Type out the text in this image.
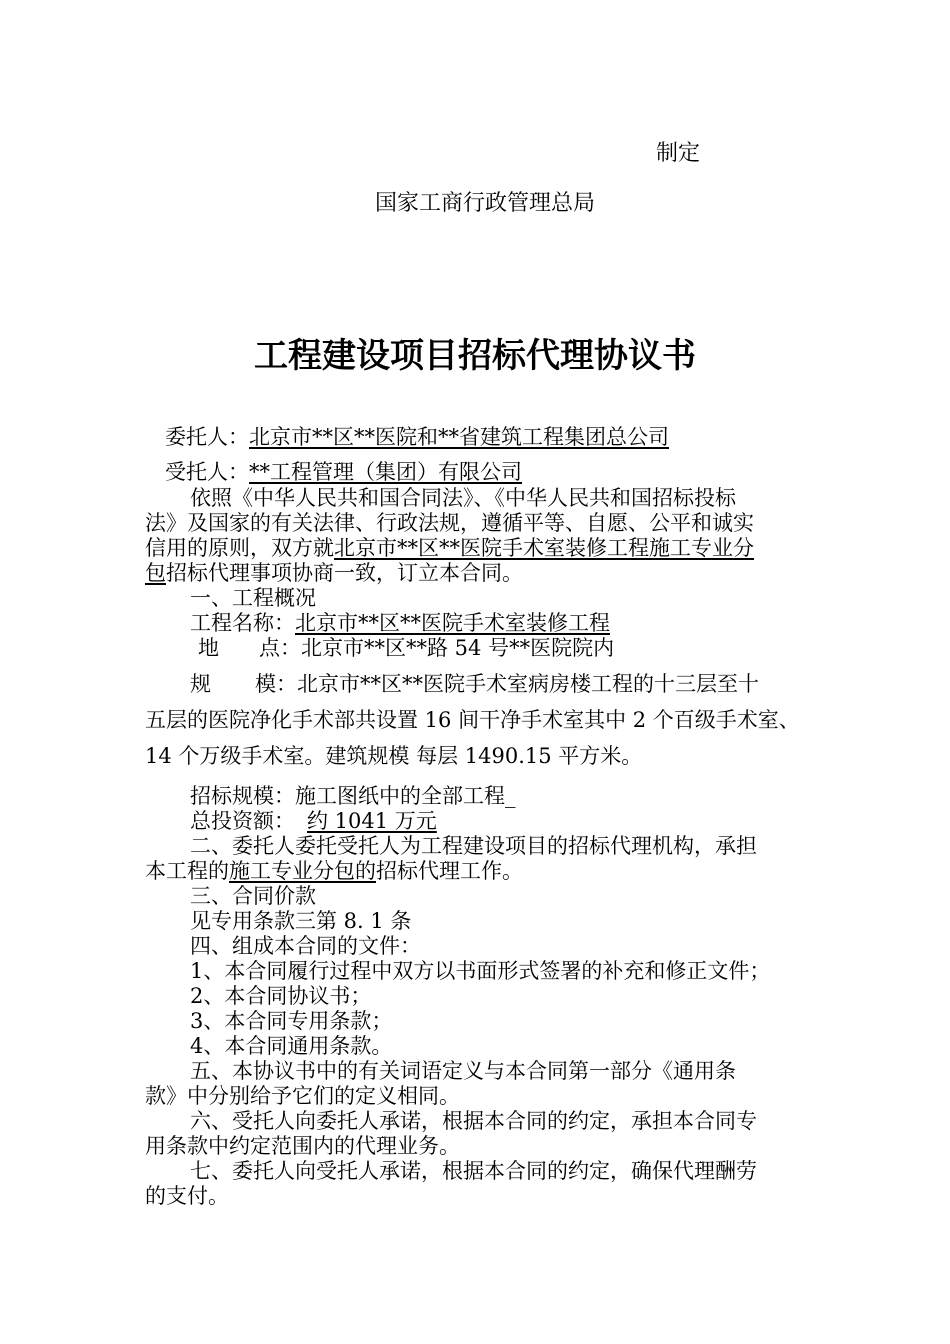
制定
国家工商行政管理总局
工程建设项目招标代理协议书
委托人：北京市**区**医院和**省建筑工程集团总公司
受托人：**工程管理（集团）有限公司
依照《中华人民共和国合同法》、《中华人民共和国招标投标
法》及国家的有关法律、行政法规，遵循平等、自愿、公平和诚实
信用的原则，双方就北京市**区**医院手术室装修工程施工专业分
包招标代理事项协商一致，订立本合同。
一、工程概况
工程名称：北京市**区**医院手术室装修工程
地 点：北京市**区**路 54 号**医院院内
规 模：北京市**区**医院手术室病房楼工程的十三层至十
五层的医院净化手术部共设置 16 间干净手术室其中 2 个百级手术室、
14 个万级手术室。建筑规模 每层 1490.15 平方米。
招标规模：施工图纸中的全部工程_
总投资额： 约 1041 万元
二、委托人委托受托人为工程建设项目的招标代理机构，承担
本工程的施工专业分包的招标代理工作。
三、合同价款
见专用条款三第 8. 1 条
四、组成本合同的文件：
1、本合同履行过程中双方以书面形式签署的补充和修正文件；
2、本合同协议书；
3、本合同专用条款；
4、本合同通用条款。
五、本协议书中的有关词语定义与本合同第一部分《通用条
款》中分别给予它们的定义相同。
六、受托人向委托人承诺，根据本合同的约定，承担本合同专
用条款中约定范围内的代理业务。
七、委托人向受托人承诺，根据本合同的约定，确保代理酬劳
的支付。
